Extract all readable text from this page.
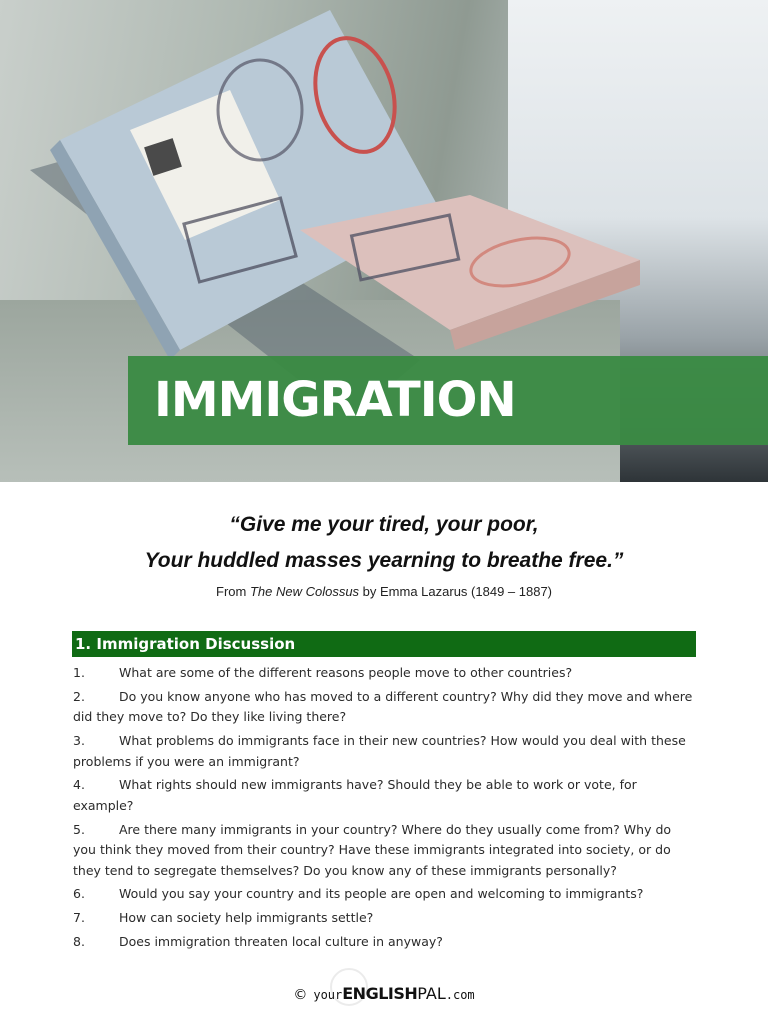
IMMIGRATION
“Give me your tired, your poor,
Your huddled masses yearning to breathe free.”
From The New Colossus by Emma Lazarus (1849 – 1887)
1. Immigration Discussion
1.	What are some of the different reasons people move to other countries?
2.	Do you know anyone who has moved to a different country? Why did they move and where did they move to? Do they like living there?
3.	What problems do immigrants face in their new countries? How would you deal with these problems if you were an immigrant?
4.	What rights should new immigrants have? Should they be able to work or vote, for example?
5.	Are there many immigrants in your country? Where do they usually come from? Why do you think they moved from their country? Have these immigrants integrated into society, or do they tend to segregate themselves? Do you know any of these immigrants personally?
6.	Would you say your country and its people are open and welcoming to immigrants?
7.	How can society help immigrants settle?
8.	Does immigration threaten local culture in anyway?
© yourENGLISHPAL.com
